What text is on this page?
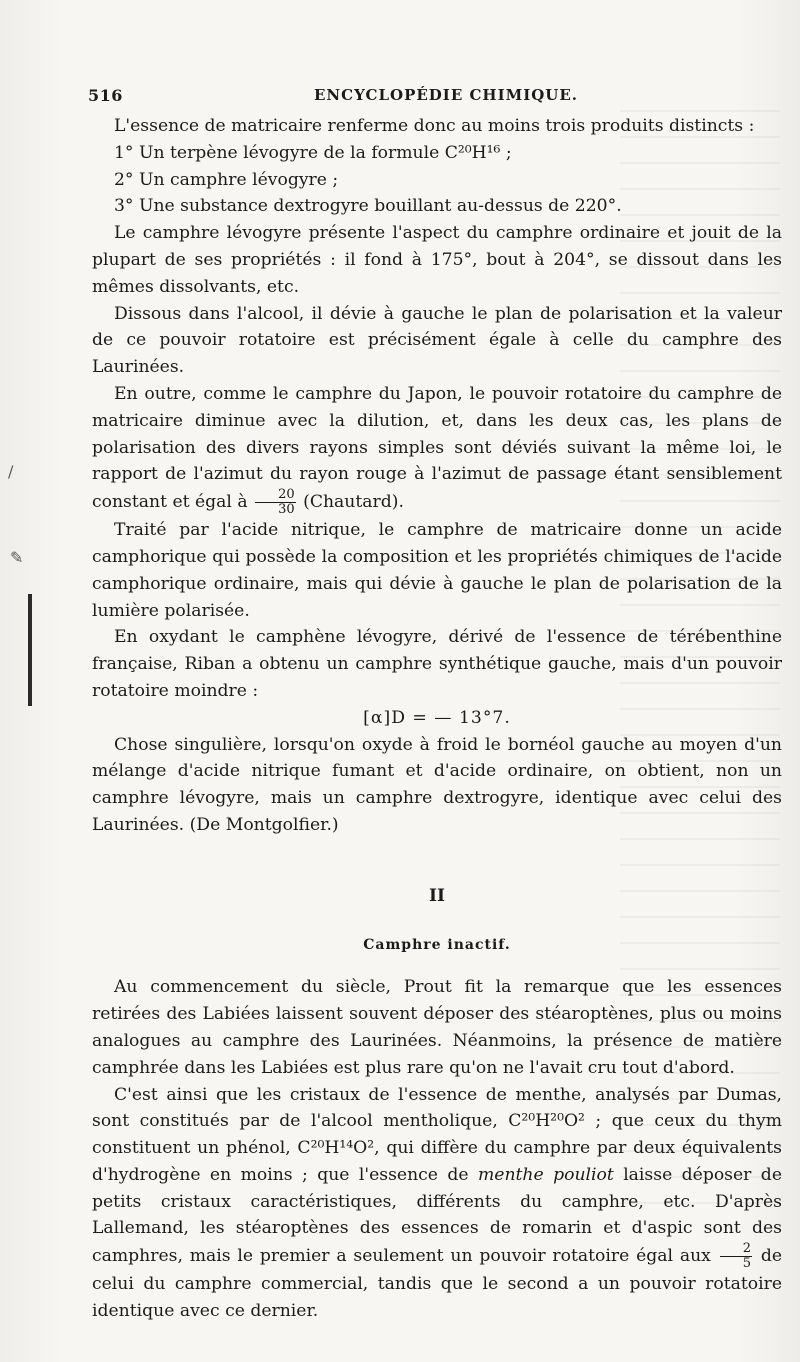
/
✎
516	ENCYCLOPÉDIE CHIMIQUE.

L'essence de matricaire renferme donc au moins trois produits distincts :

1° Un terpène lévogyre de la formule C²⁰H¹⁶ ;

2° Un camphre lévogyre ;

3° Une substance dextrogyre bouillant au-dessus de 220°.

Le camphre lévogyre présente l'aspect du camphre ordinaire et jouit de la plupart de ses propriétés : il fond à 175°, bout à 204°, se dissout dans les mêmes dissolvants, etc.

Dissous dans l'alcool, il dévie à gauche le plan de polarisation et la valeur de ce pouvoir rotatoire est précisément égale à celle du camphre des Laurinées.

En outre, comme le camphre du Japon, le pouvoir rotatoire du camphre de matricaire diminue avec la dilution, et, dans les deux cas, les plans de polarisation des divers rayons simples sont déviés suivant la même loi, le rapport de l'azimut du rayon rouge à l'azimut de passage étant sensiblement constant et égal à $\frac{20}{30}$ (Chautard).

Traité par l'acide nitrique, le camphre de matricaire donne un acide camphorique qui possède la composition et les propriétés chimiques de l'acide camphorique ordinaire, mais qui dévie à gauche le plan de polarisation de la lumière polarisée.

En oxydant le camphène lévogyre, dérivé de l'essence de térébenthine française, Riban a obtenu un camphre synthétique gauche, mais d'un pouvoir rotatoire moindre :

[α]D = — 13°7.

Chose singulière, lorsqu'on oxyde à froid le bornéol gauche au moyen d'un mélange d'acide nitrique fumant et d'acide ordinaire, on obtient, non un camphre lévogyre, mais un camphre dextrogyre, identique avec celui des Laurinées. (De Montgolfier.)

II
Camphre inactif.

Au commencement du siècle, Prout fit la remarque que les essences retirées des Labiées laissent souvent déposer des stéaroptènes, plus ou moins analogues au camphre des Laurinées. Néanmoins, la présence de matière camphrée dans les Labiées est plus rare qu'on ne l'avait cru tout d'abord.

C'est ainsi que les cristaux de l'essence de menthe, analysés par Dumas, sont constitués par de l'alcool mentholique, C²⁰H²⁰O² ; que ceux du thym constituent un phénol, C²⁰H¹⁴O², qui diffère du camphre par deux équivalents d'hydrogène en moins ; que l'essence de menthe pouliot laisse déposer de petits cristaux caractéristiques, différents du camphre, etc. D'après Lallemand, les stéaroptènes des essences de romarin et d'aspic sont des camphres, mais le premier a seulement un pouvoir rotatoire égal aux $\frac{2}{5}$ de celui du camphre commercial, tandis que le second a un pouvoir rotatoire identique avec ce dernier.
